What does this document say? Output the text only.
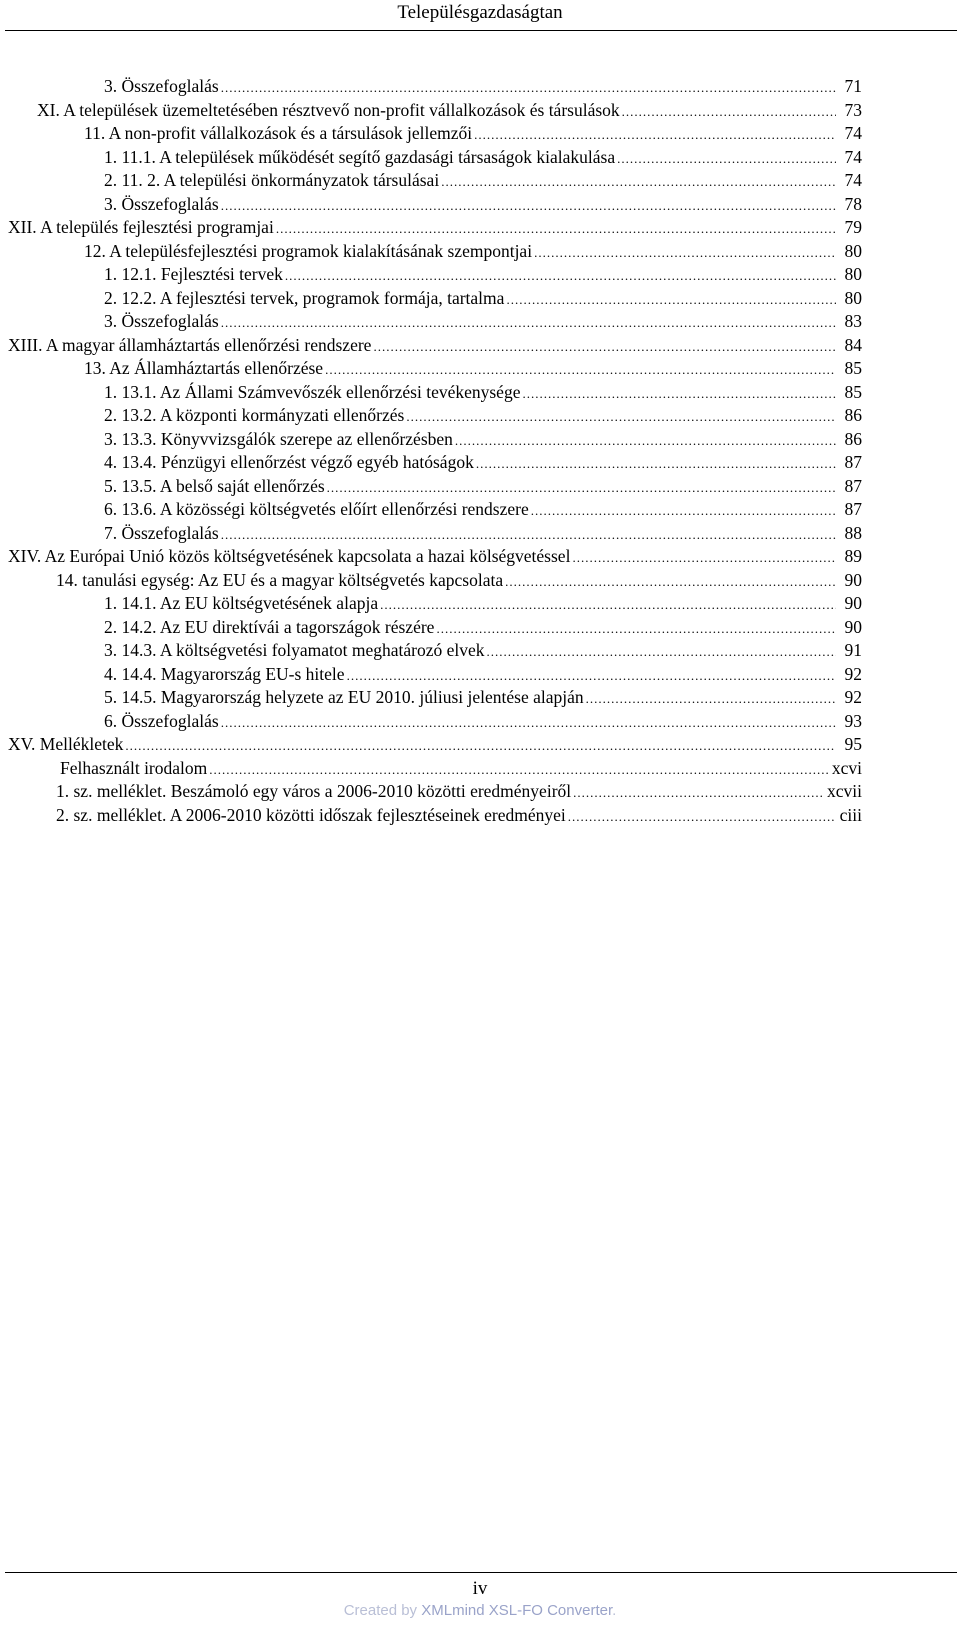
Településgazdaságtan
3. Összefoglalás .....	71
XI. A települések üzemeltetésében résztvevő non-profit vállalkozások és társulások .....	73
11. A non-profit vállalkozások és a társulások jellemzői .....	74
1. 11.1. A települések működését segítő gazdasági társaságok kialakulása .....	74
2. 11. 2. A települési önkormányzatok társulásai .....	74
3. Összefoglalás .....	78
XII. A település fejlesztési programjai .....	79
12. A településfejlesztési programok kialakításának szempontjai .....	80
1. 12.1. Fejlesztési tervek .....	80
2. 12.2. A fejlesztési tervek, programok formája, tartalma .....	80
3. Összefoglalás .....	83
XIII. A magyar államháztartás ellenőrzési rendszere .....	84
13. Az Államháztartás ellenőrzése .....	85
1. 13.1. Az Állami Számvevőszék ellenőrzési tevékenysége .....	85
2. 13.2. A központi kormányzati ellenőrzés .....	86
3. 13.3. Könyvvizsgálók szerepe az ellenőrzésben .....	86
4. 13.4. Pénzügyi ellenőrzést végző egyéb hatóságok .....	87
5. 13.5. A belső saját ellenőrzés .....	87
6. 13.6. A közösségi költségvetés előírt ellenőrzési rendszere .....	87
7. Összefoglalás .....	88
XIV. Az Európai Unió közös költségvetésének kapcsolata a hazai kölségvetéssel .....	89
14. tanulási egység: Az EU és a magyar költségvetés kapcsolata .....	90
1. 14.1. Az EU költségvetésének alapja .....	90
2. 14.2. Az EU direktívái a tagországok részére .....	90
3. 14.3. A költségvetési folyamatot meghatározó elvek .....	91
4. 14.4. Magyarország EU-s hitele .....	92
5. 14.5. Magyarország helyzete az EU 2010. júliusi jelentése alapján .....	92
6. Összefoglalás .....	93
XV. Mellékletek .....	95
Felhasznált irodalom .....	xcvi
1. sz. melléklet. Beszámoló egy város a 2006-2010 közötti eredményeiről .....	xcvii
2. sz. melléklet. A 2006-2010 közötti időszak fejlesztéseinek eredményei .....	ciii
iv
Created by XMLmind XSL-FO Converter.
